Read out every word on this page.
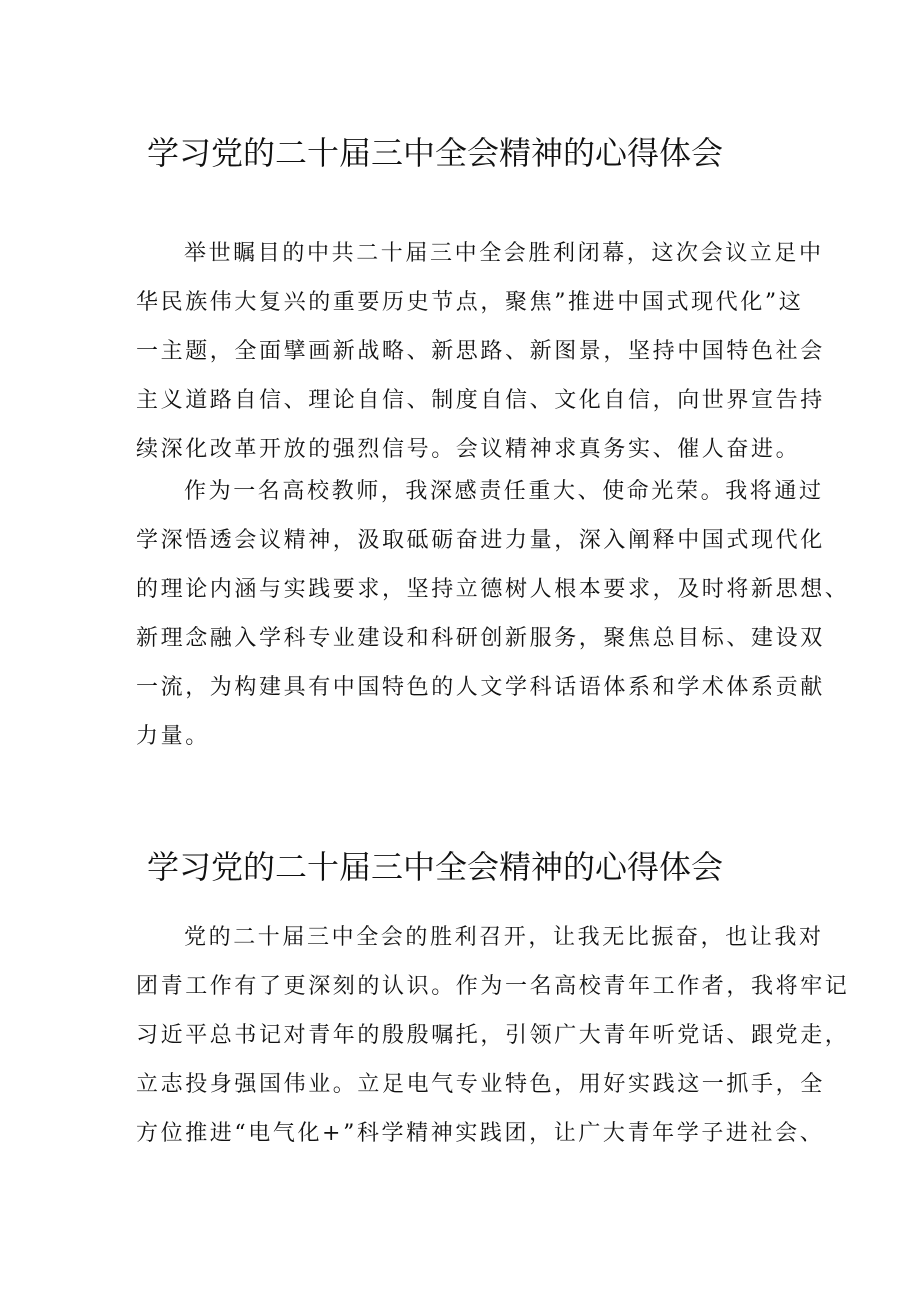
学习党的二十届三中全会精神的心得体会
举世瞩目的中共二十届三中全会胜利闭幕，这次会议立足中
华民族伟大复兴的重要历史节点，聚焦”推进中国式现代化”这
一主题，全面擘画新战略、新思路、新图景，坚持中国特色社会
主义道路自信、理论自信、制度自信、文化自信，向世界宣告持
续深化改革开放的强烈信号。会议精神求真务实、催人奋进。
作为一名高校教师，我深感责任重大、使命光荣。我将通过
学深悟透会议精神，汲取砥砺奋进力量，深入阐释中国式现代化
的理论内涵与实践要求，坚持立德树人根本要求，及时将新思想、
新理念融入学科专业建设和科研创新服务，聚焦总目标、建设双
一流，为构建具有中国特色的人文学科话语体系和学术体系贡献
力量。
学习党的二十届三中全会精神的心得体会
党的二十届三中全会的胜利召开，让我无比振奋，也让我对
团青工作有了更深刻的认识。作为一名高校青年工作者，我将牢记
习近平总书记对青年的殷殷嘱托，引领广大青年听党话、跟党走，
立志投身强国伟业。立足电气专业特色，用好实践这一抓手，全
方位推进“电气化+”科学精神实践团，让广大青年学子进社会、
